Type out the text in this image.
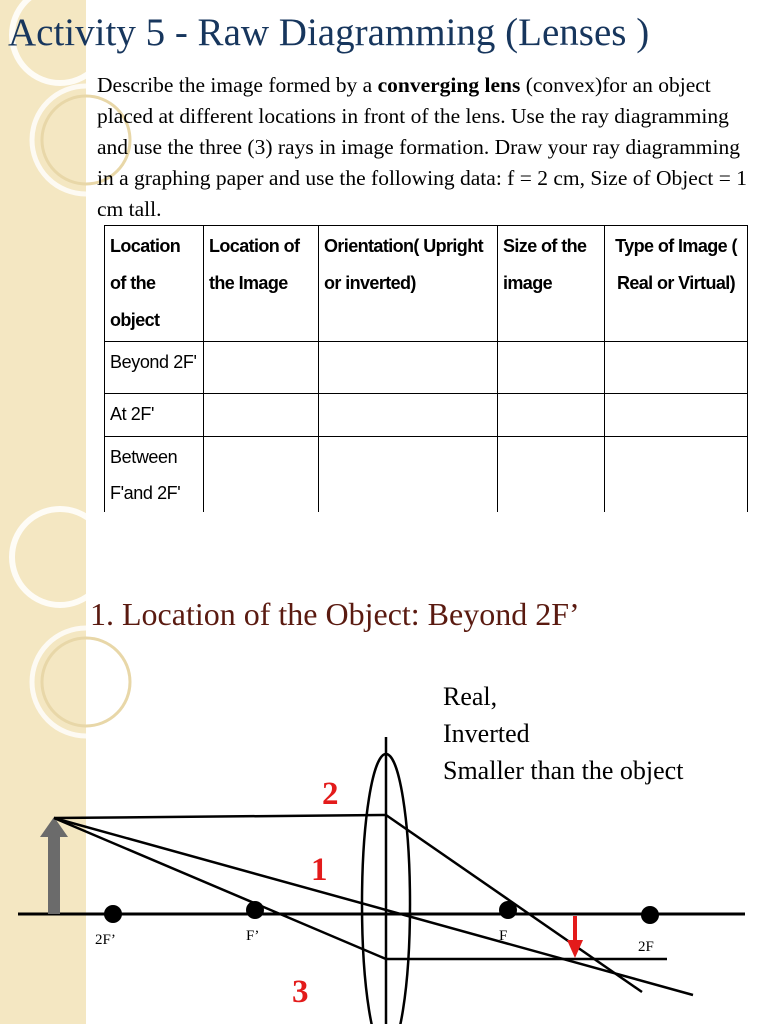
Activity 5 - Raw Diagramming (Lenses )

Describe the image formed by a converging lens (convex)for an object placed at different locations in front of the lens. Use the ray diagramming and use the three (3) rays in image formation. Draw your ray diagramming in a graphing paper and use the following data: f = 2 cm, Size of Object = 1 cm tall.

Location of the object	Location of the Image	Orientation( Upright or inverted)	Size of the image	Type of Image ( Real or Virtual)
Beyond 2F'				
At 2F'				
Between F'and 2F'				

1. Location of the Object: Beyond 2F’
Real,
Inverted
Smaller than the object
2F’	F’	F
2F
2
1
3
